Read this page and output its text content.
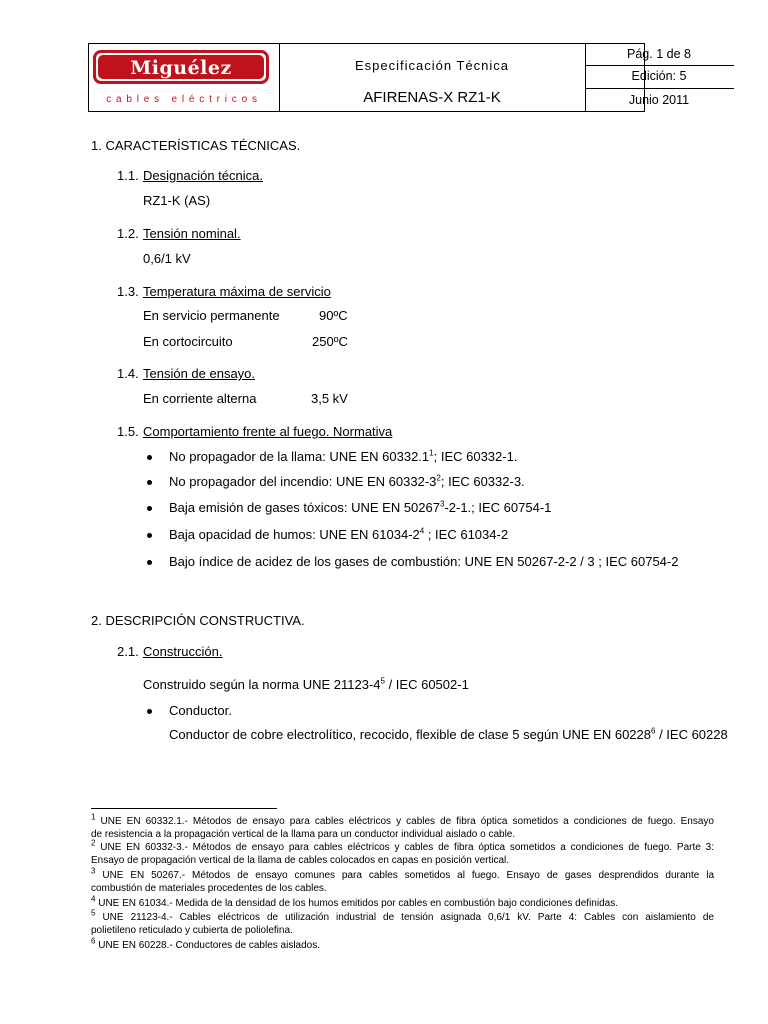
Miguélez
cables eléctricos
Especificación Técnica
AFIRENAS-X RZ1-K
Pág. 1 de 8
Edición: 5
Junio 2011
1. CARACTERÍSTICAS TÉCNICAS.
1.1. Designación técnica.
RZ1-K (AS)
1.2. Tensión nominal.
0,6/1 kV
1.3. Temperatura máxima de servicio
En servicio permanente	90ºC
En cortocircuito	250ºC
1.4. Tensión de ensayo.
En corriente alterna	3,5 kV
1.5. Comportamiento frente al fuego. Normativa
No propagador de la llama: UNE EN 60332.1$^1$; IEC 60332-1.
No propagador del incendio: UNE EN $60332-3^2$; IEC 60332-3.
Baja emisión de gases tóxicos: UNE EN 50267$^3$-2-1.; IEC 60754-1
Baja opacidad de humos: UNE EN $61034-2^4$ ; IEC 61034-2
Bajo índice de acidez de los gases de combustión: UNE EN 50267-2-2 / 3 ; IEC 60754-2
2. DESCRIPCIÓN CONSTRUCTIVA.
2.1. Construcción.
Construido según la norma UNE $21123-4^5$ / IEC 60502-1
Conductor.
Conductor de cobre electrolítico, recocido, flexible de clase 5 según UNE EN 60228$^6$ / IEC 60228
$^1$ UNE EN 60332.1.- Métodos de ensayo para cables eléctricos y cables de fibra óptica sometidos a condiciones de fuego. Ensayo
de resistencia a la propagación vertical de la llama para un conductor individual aislado o cable.
$^2$ UNE EN 60332-3.- Métodos de ensayo para cables eléctricos y cables de fibra óptica sometidos a condiciones de fuego. Parte 3:
Ensayo de propagación vertical de la llama de cables colocados en capas en posición vertical.
$^3$ UNE EN 50267.- Métodos de ensayo comunes para cables sometidos al fuego. Ensayo de gases desprendidos durante la
combustión de materiales procedentes de los cables.
$^4$ UNE EN 61034.- Medida de la densidad de los humos emitidos por cables en combustión bajo condiciones definidas.
$^5$ UNE 21123-4.- Cables eléctricos de utilización industrial de tensión asignada 0,6/1 kV. Parte 4: Cables con aislamiento de
polietileno reticulado y cubierta de poliolefina.
$^6$ UNE EN 60228.- Conductores de cables aislados.
